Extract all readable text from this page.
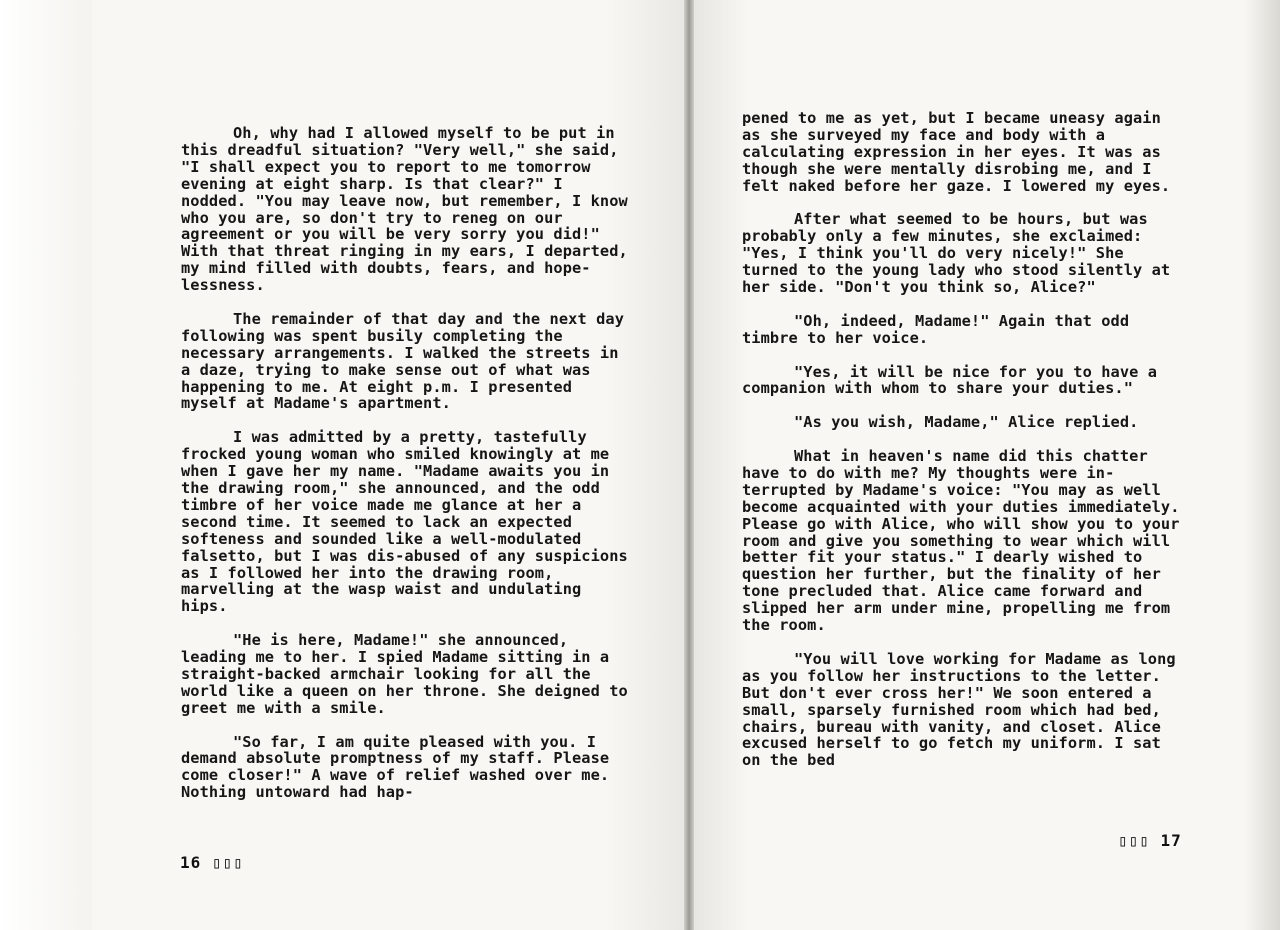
Oh, why had I allowed myself to be put in this dreadful situation? "Very well," she said, "I shall expect you to report to me tomorrow evening at eight sharp. Is that clear?" I nodded. "You may leave now, but remember, I know who you are, so don't try to reneg on our agreement or you will be very sorry you did!" With that threat ringing in my ears, I departed, my mind filled with doubts, fears, and hope-lessness.

The remainder of that day and the next day following was spent busily completing the necessary arrangements. I walked the streets in a daze, trying to make sense out of what was happening to me. At eight p.m. I presented myself at Madame's apartment.

I was admitted by a pretty, tastefully frocked young woman who smiled knowingly at me when I gave her my name. "Madame awaits you in the drawing room," she announced, and the odd timbre of her voice made me glance at her a second time. It seemed to lack an expected softeness and sounded like a well-modulated falsetto, but I was dis-abused of any suspicions as I followed her into the drawing room, marvelling at the wasp waist and undulating hips.

"He is here, Madame!" she announced, leading me to her. I spied Madame sitting in a straight-backed armchair looking for all the world like a queen on her throne. She deigned to greet me with a smile.

"So far, I am quite pleased with you. I demand absolute promptness of my staff. Please come closer!" A wave of relief washed over me. Nothing untoward had hap-

16 ▯▯▯

pened to me as yet, but I became uneasy again as she surveyed my face and body with a calculating expression in her eyes. It was as though she were mentally disrobing me, and I felt naked before her gaze. I lowered my eyes.

After what seemed to be hours, but was probably only a few minutes, she exclaimed: "Yes, I think you'll do very nicely!" She turned to the young lady who stood silently at her side. "Don't you think so, Alice?"

"Oh, indeed, Madame!" Again that odd timbre to her voice.

"Yes, it will be nice for you to have a companion with whom to share your duties."

"As you wish, Madame," Alice replied.

What in heaven's name did this chatter have to do with me? My thoughts were in-terrupted by Madame's voice: "You may as well become acquainted with your duties immediately. Please go with Alice, who will show you to your room and give you something to wear which will better fit your status." I dearly wished to question her further, but the finality of her tone precluded that. Alice came forward and slipped her arm under mine, propelling me from the room.

"You will love working for Madame as long as you follow her instructions to the letter. But don't ever cross her!" We soon entered a small, sparsely furnished room which had bed, chairs, bureau with vanity, and closet. Alice excused herself to go fetch my uniform. I sat on the bed

▯▯▯ 17
